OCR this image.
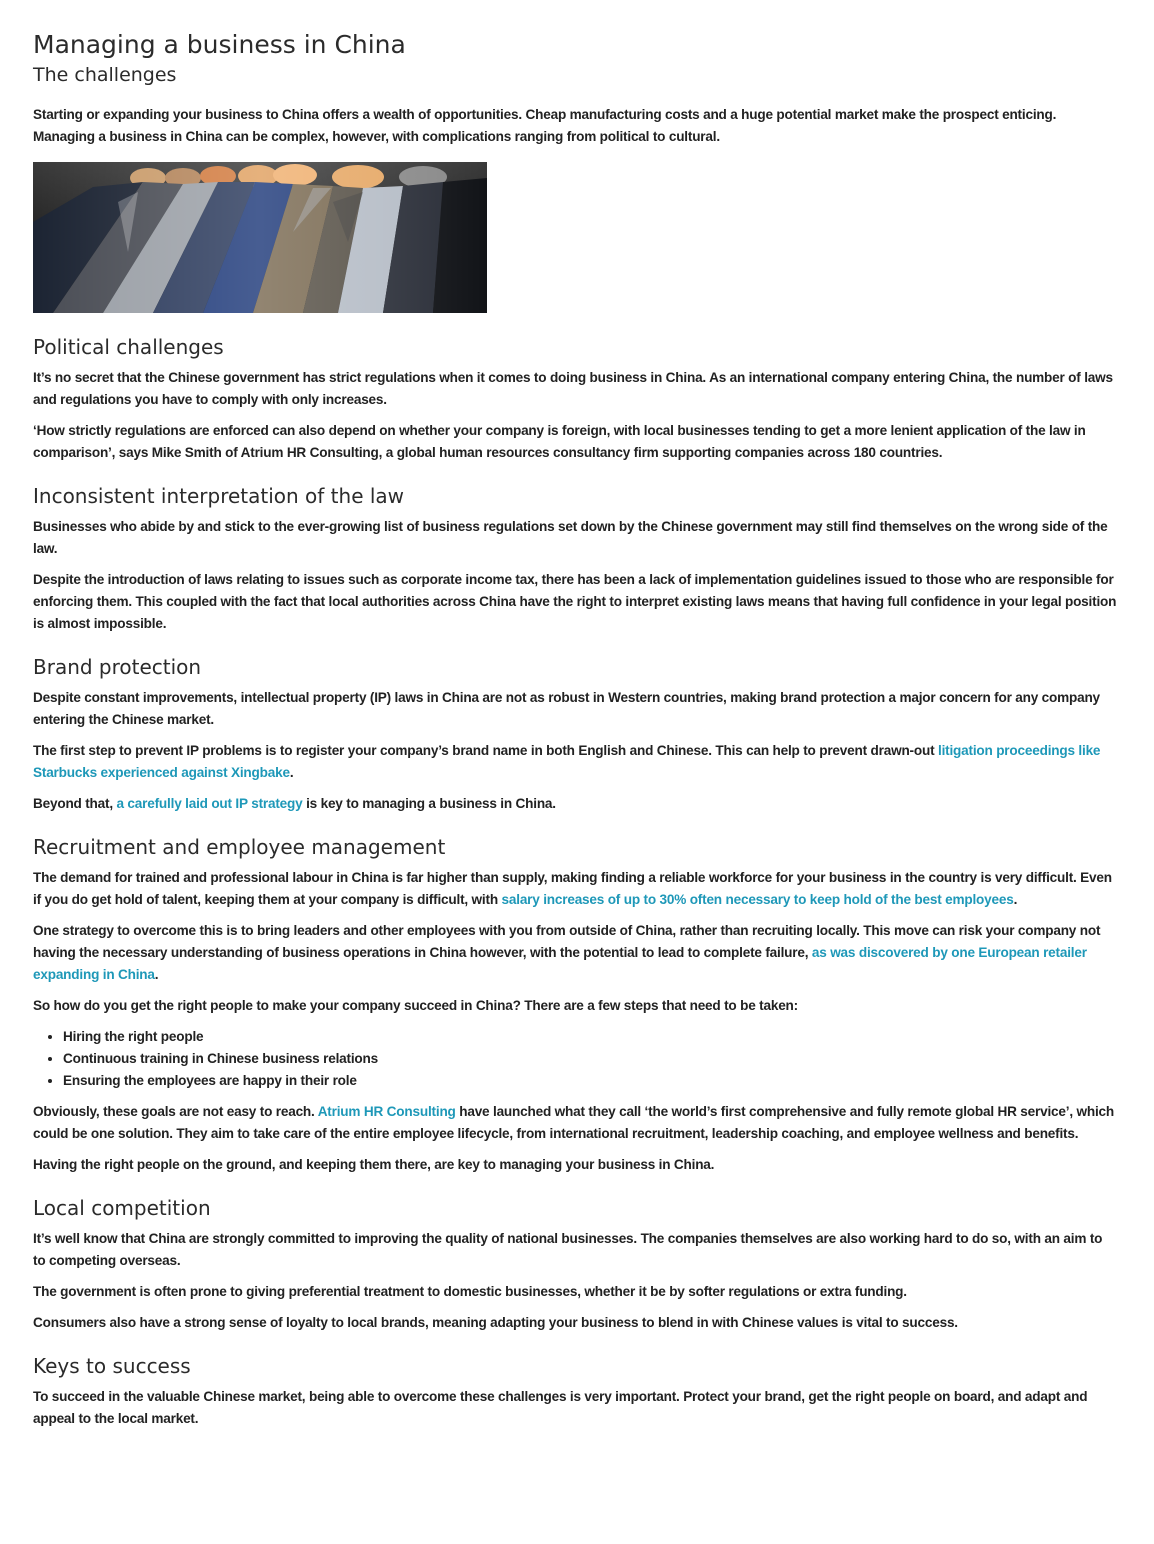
Managing a business in China
The challenges

Starting or expanding your business to China offers a wealth of opportunities. Cheap manufacturing costs and a huge potential market make the prospect enticing. Managing a business in China can be complex, however, with complications ranging from political to cultural.

Political challenges

It’s no secret that the Chinese government has strict regulations when it comes to doing business in China. As an international company entering China, the number of laws and regulations you have to comply with only increases.

‘How strictly regulations are enforced can also depend on whether your company is foreign, with local businesses tending to get a more lenient application of the law in comparison’, says Mike Smith of Atrium HR Consulting, a global human resources consultancy firm supporting companies across 180 countries.

Inconsistent interpretation of the law

Businesses who abide by and stick to the ever-growing list of business regulations set down by the Chinese government may still find themselves on the wrong side of the law.

Despite the introduction of laws relating to issues such as corporate income tax, there has been a lack of implementation guidelines issued to those who are responsible for enforcing them. This coupled with the fact that local authorities across China have the right to interpret existing laws means that having full confidence in your legal position is almost impossible.

Brand protection

Despite constant improvements, intellectual property (IP) laws in China are not as robust in Western countries, making brand protection a major concern for any company entering the Chinese market.

The first step to prevent IP problems is to register your company’s brand name in both English and Chinese. This can help to prevent drawn-out litigation proceedings like Starbucks experienced against Xingbake.

Beyond that, a carefully laid out IP strategy is key to managing a business in China.

Recruitment and employee management

The demand for trained and professional labour in China is far higher than supply, making finding a reliable workforce for your business in the country is very difficult. Even if you do get hold of talent, keeping them at your company is difficult, with salary increases of up to 30% often necessary to keep hold of the best employees.

One strategy to overcome this is to bring leaders and other employees with you from outside of China, rather than recruiting locally. This move can risk your company not having the necessary understanding of business operations in China however, with the potential to lead to complete failure, as was discovered by one European retailer expanding in China.

So how do you get the right people to make your company succeed in China? There are a few steps that need to be taken:

• Hiring the right people
• Continuous training in Chinese business relations
• Ensuring the employees are happy in their role

Obviously, these goals are not easy to reach. Atrium HR Consulting have launched what they call ‘the world’s first comprehensive and fully remote global HR service’, which could be one solution. They aim to take care of the entire employee lifecycle, from international recruitment, leadership coaching, and employee wellness and benefits.

Having the right people on the ground, and keeping them there, are key to managing your business in China.

Local competition

It’s well know that China are strongly committed to improving the quality of national businesses. The companies themselves are also working hard to do so, with an aim to to competing overseas.

The government is often prone to giving preferential treatment to domestic businesses, whether it be by softer regulations or extra funding.

Consumers also have a strong sense of loyalty to local brands, meaning adapting your business to blend in with Chinese values is vital to success.

Keys to success

To succeed in the valuable Chinese market, being able to overcome these challenges is very important. Protect your brand, get the right people on board, and adapt and appeal to the local market.
